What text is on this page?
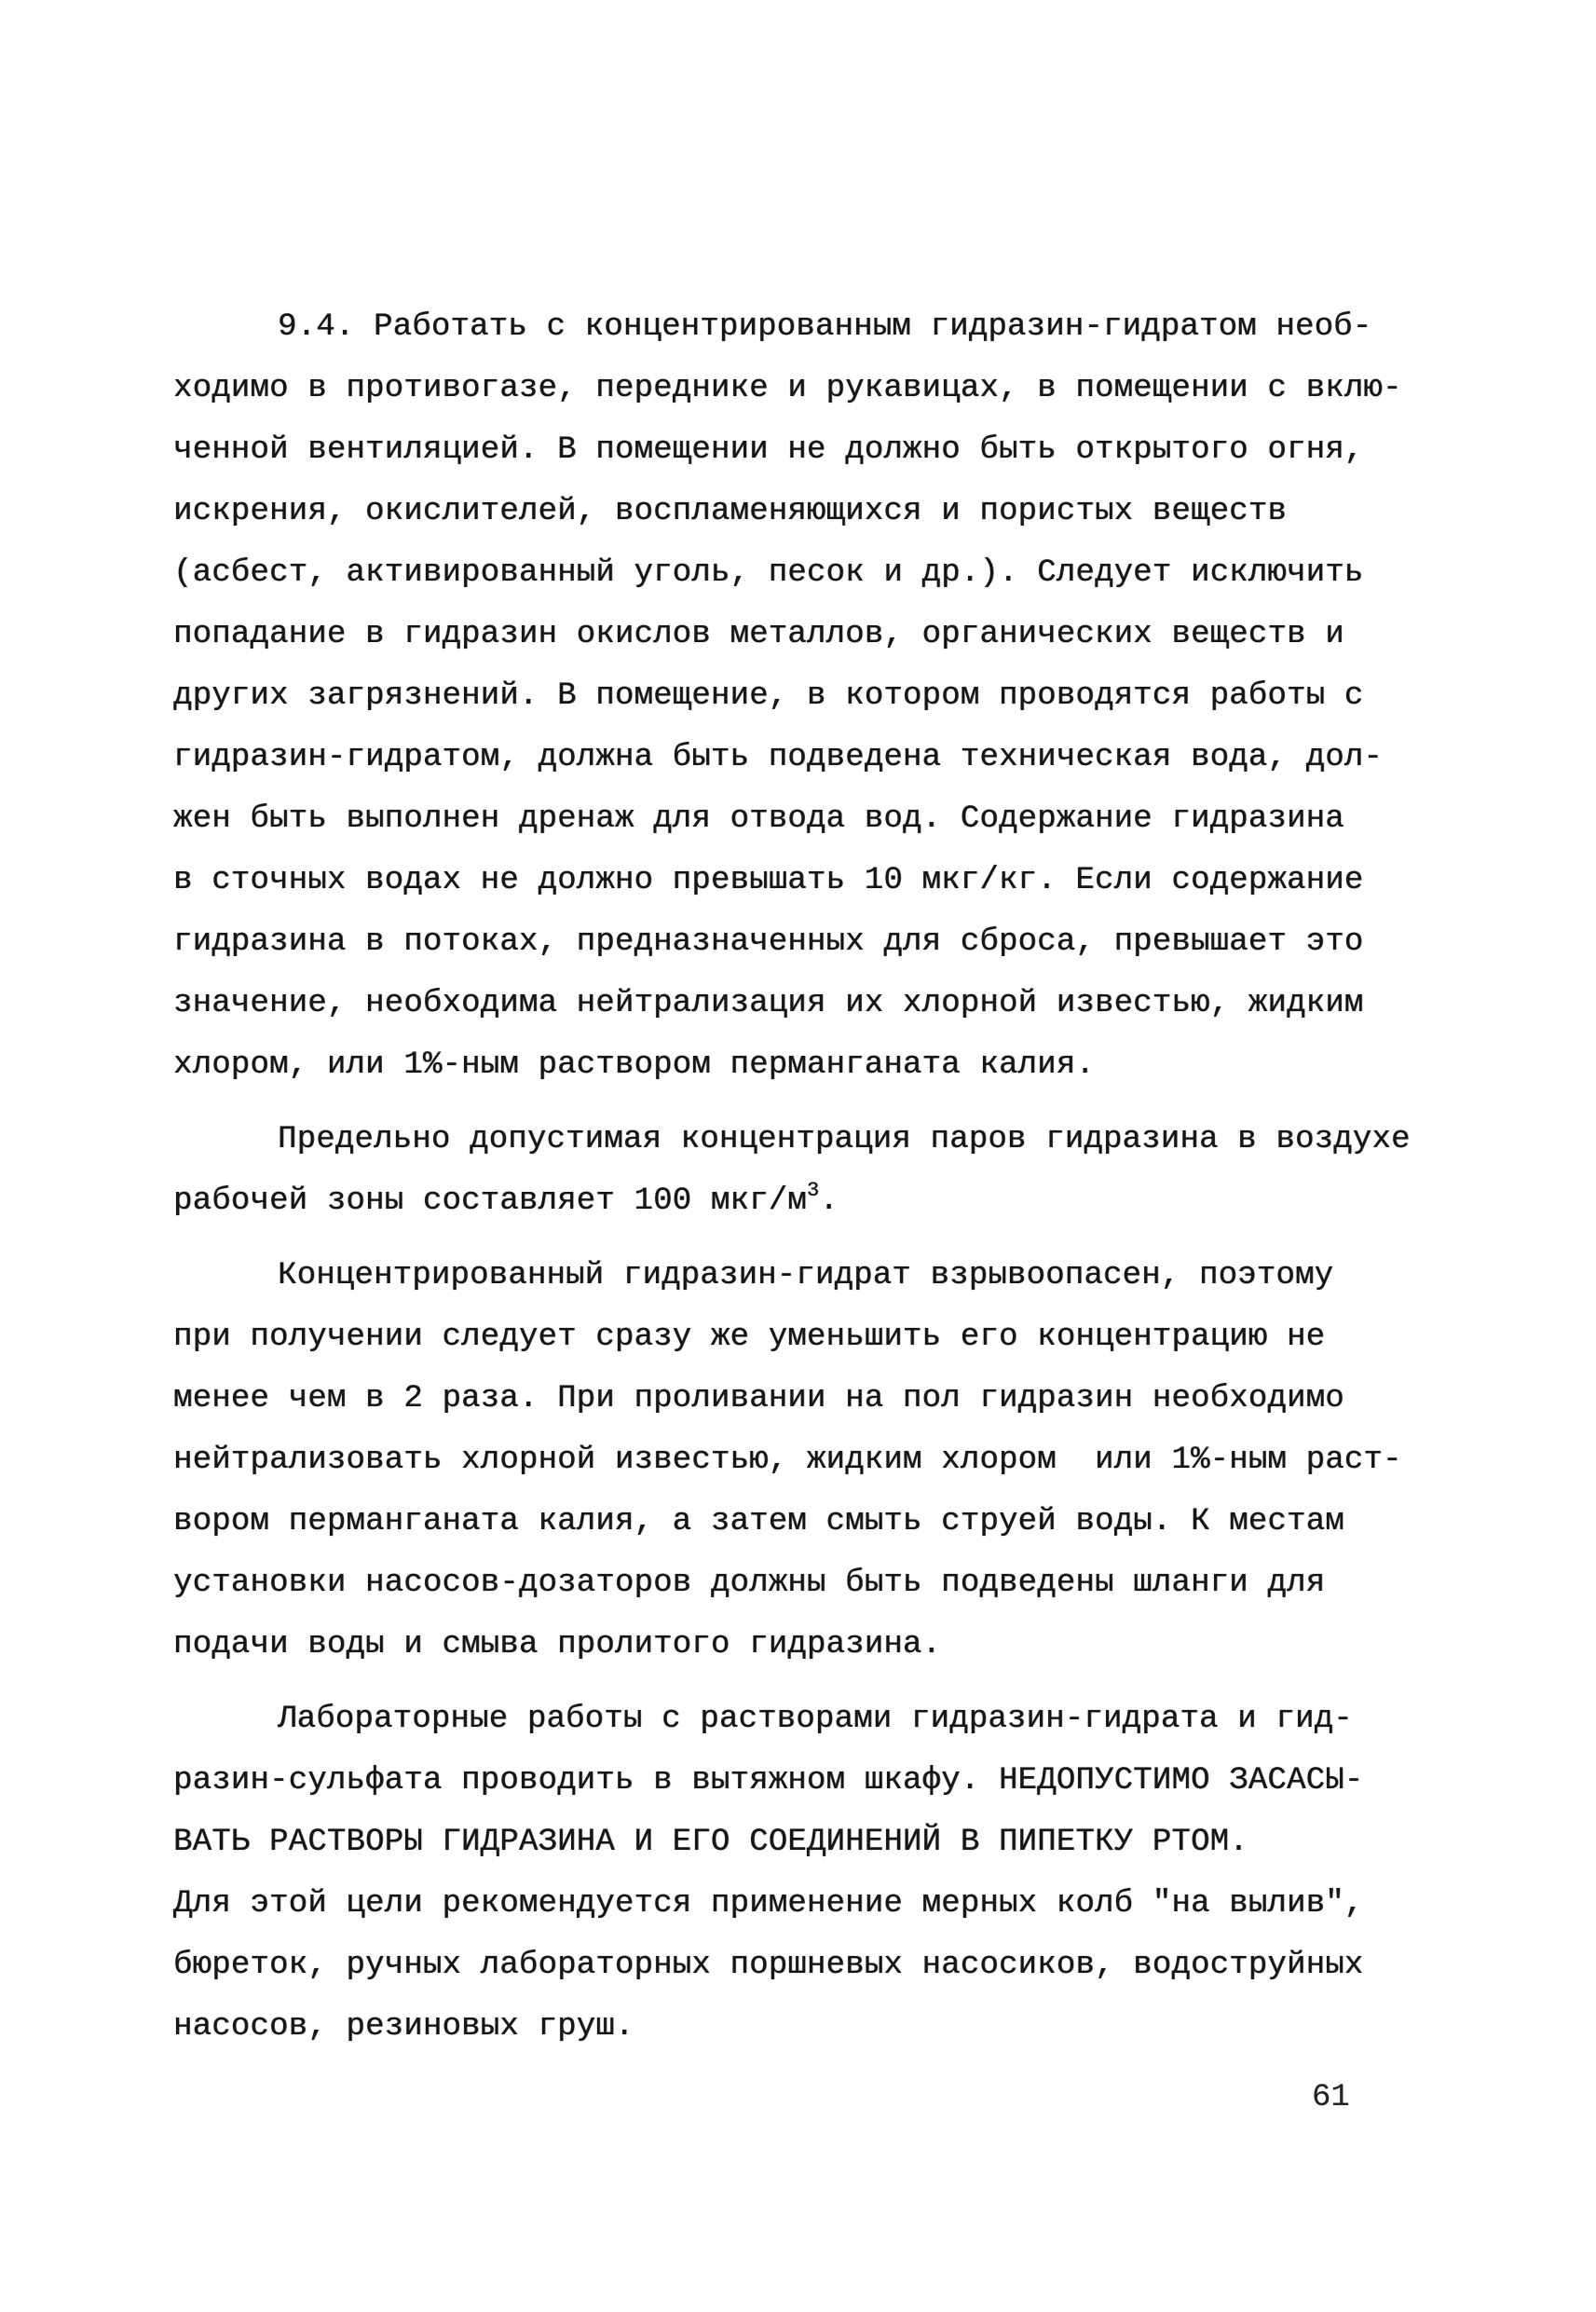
9.4. Работать с концентрированным гидразин-гидратом необ-
ходимо в противогазе, переднике и рукавицах, в помещении с вклю-
ченной вентиляцией. В помещении не должно быть открытого огня,
искрения, окислителей, воспламеняющихся и пористых веществ
(асбест, активированный уголь, песок и др.). Следует исключить
попадание в гидразин окислов металлов, органических веществ и
других загрязнений. В помещение, в котором проводятся работы с
гидразин-гидратом, должна быть подведена техническая вода, дол-
жен быть выполнен дренаж для отвода вод. Содержание гидразина
в сточных водах не должно превышать 10 мкг/кг. Если содержание
гидразина в потоках, предназначенных для сброса, превышает это
значение, необходима нейтрализация их хлорной известью, жидким
хлором, или 1%-ным раствором перманганата калия.
Предельно допустимая концентрация паров гидразина в воздухе
рабочей зоны составляет 100 мкг/$м^3$.
Концентрированный гидразин-гидрат взрывоопасен, поэтому
при получении следует сразу же уменьшить его концентрацию не
менее чем в 2 раза. При проливании на пол гидразин необходимо
нейтрализовать хлорной известью, жидким хлором  или 1%-ным раст-
вором перманганата калия, а затем смыть струей воды. К местам
установки насосов-дозаторов должны быть подведены шланги для
подачи воды и смыва пролитого гидразина.
Лабораторные работы с растворами гидразин-гидрата и гид-
разин-сульфата проводить в вытяжном шкафу. НЕДОПУСТИМО ЗАСАСЫ-
ВАТЬ РАСТВОРЫ ГИДРАЗИНА И ЕГО СОЕДИНЕНИЙ В ПИПЕТКУ РТОМ.
Для этой цели рекомендуется применение мерных колб "на вылив",
бюреток, ручных лабораторных поршневых насосиков, водоструйных
насосов, резиновых груш.
61
